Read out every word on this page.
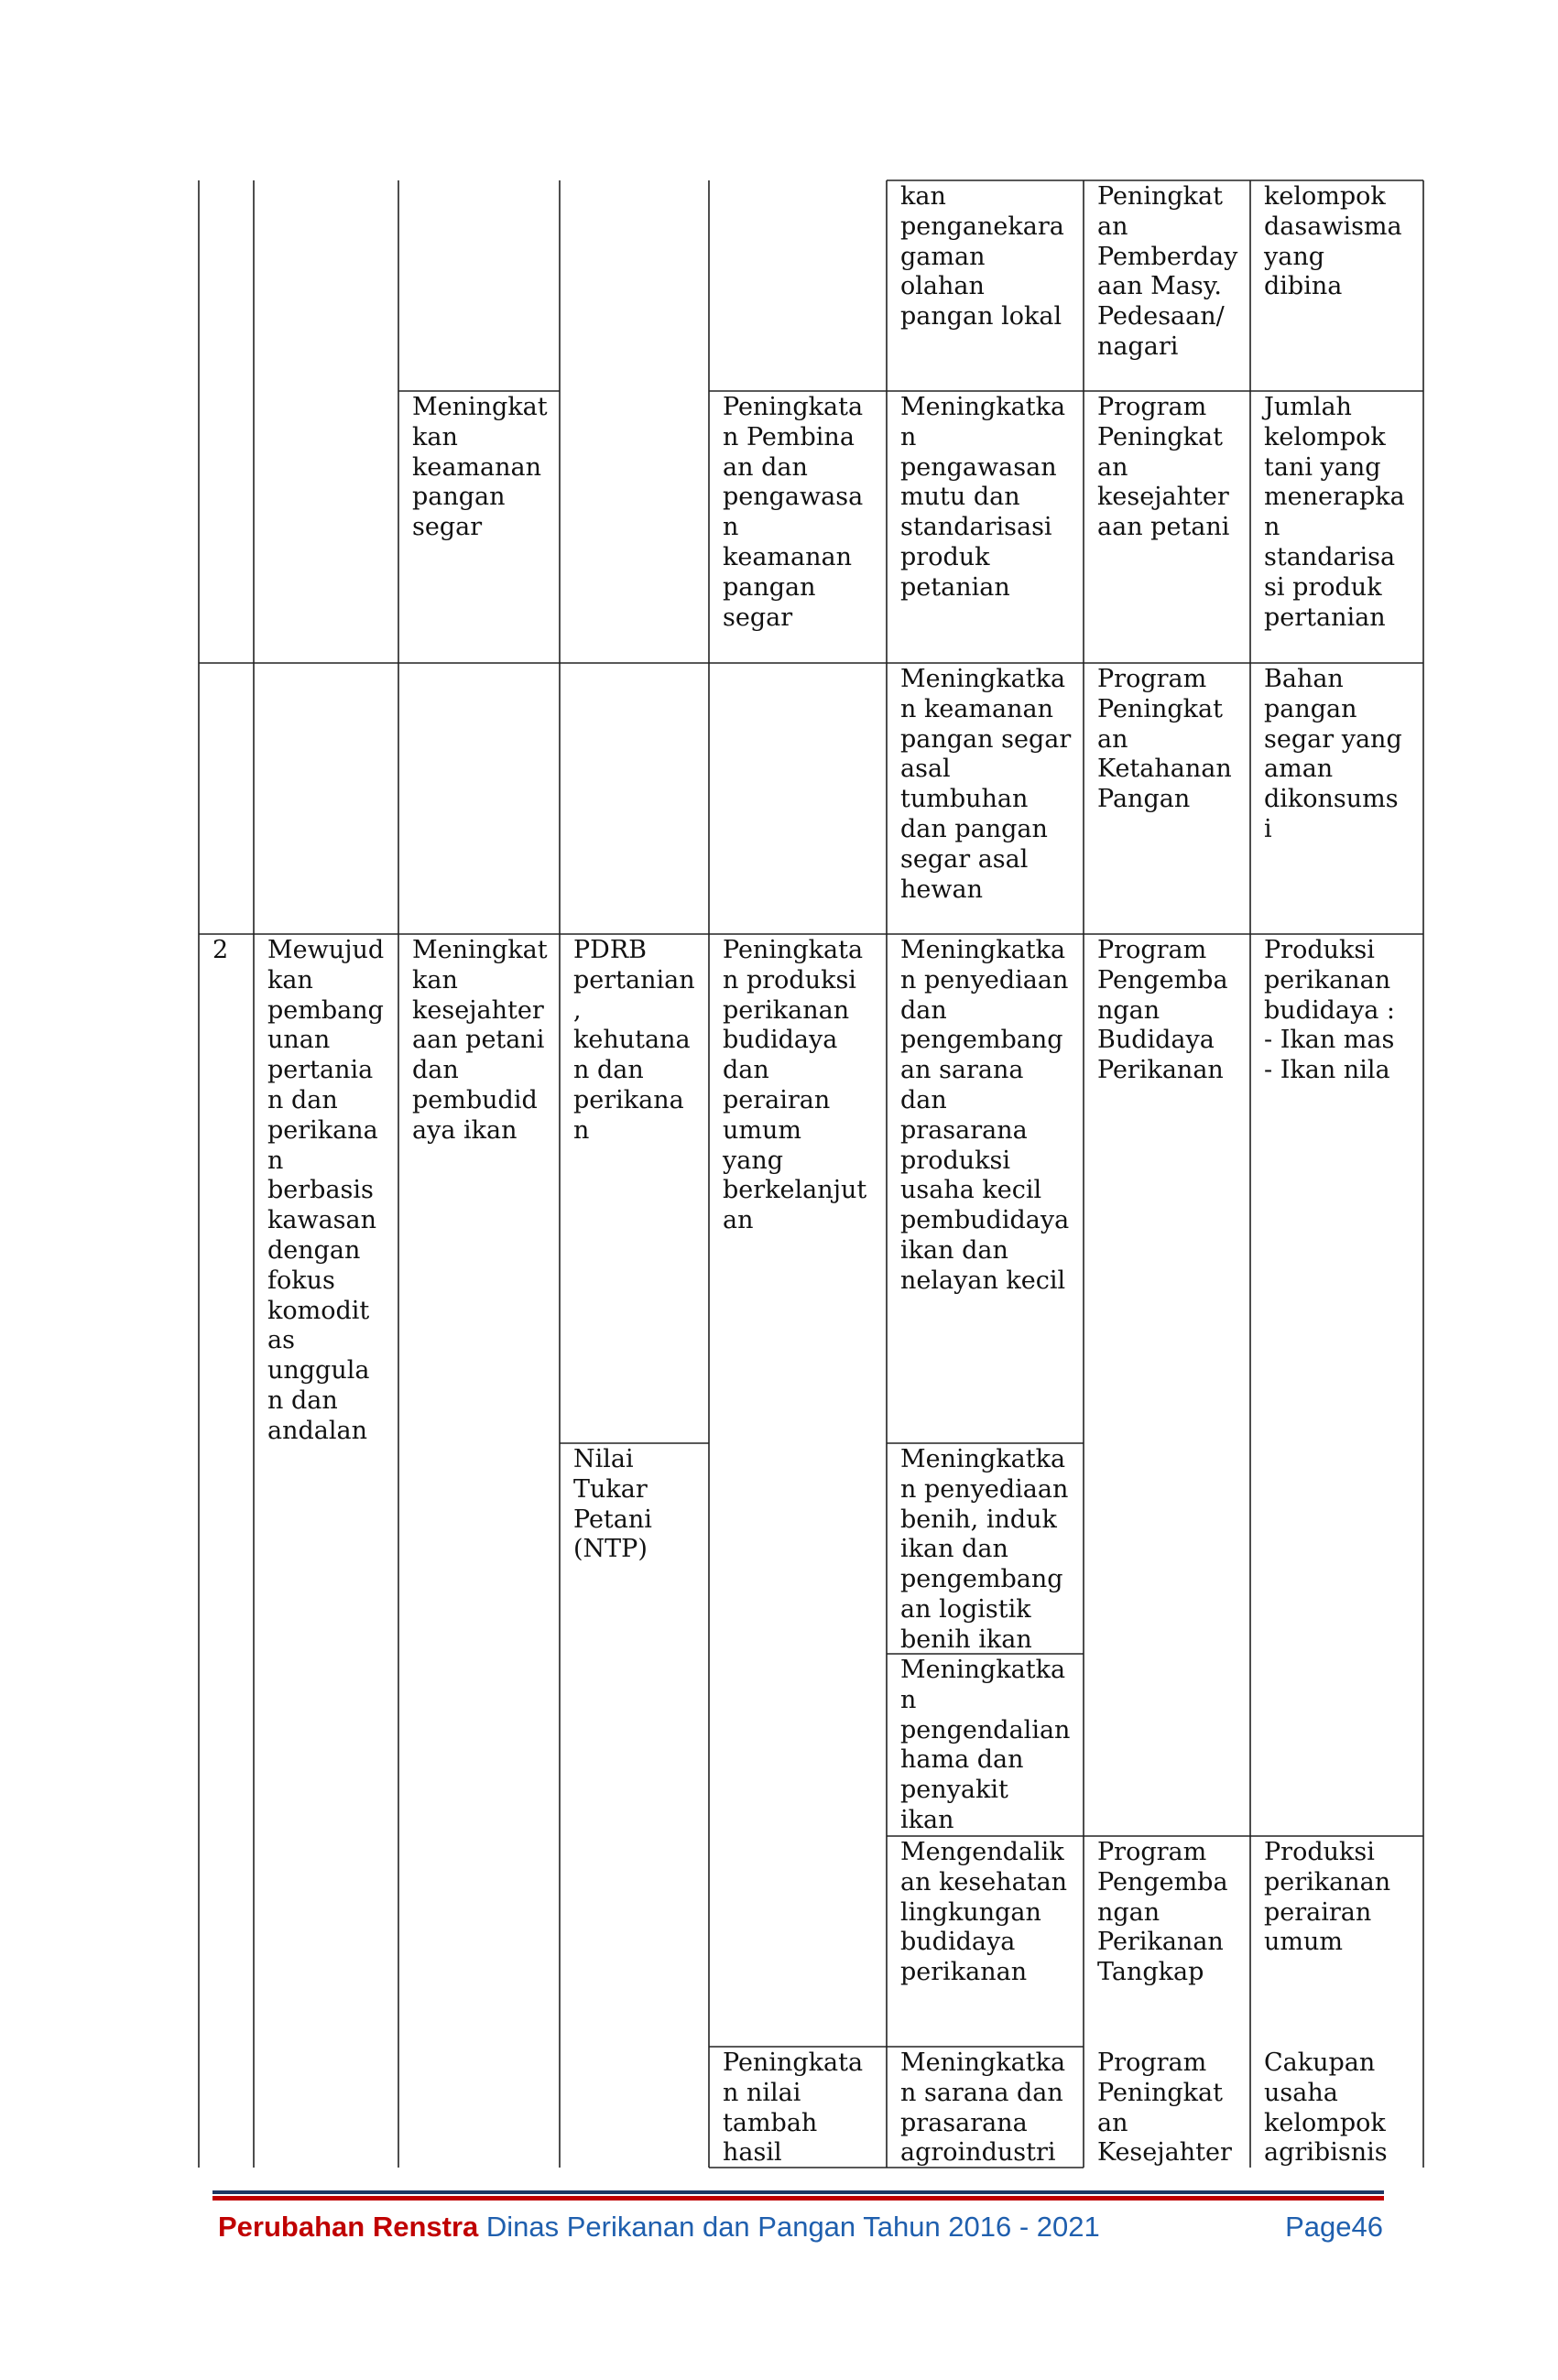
kan
penganekara
gaman
olahan
pangan lokal
Peningkat
an
Pemberday
aan Masy.
Pedesaan/
nagari
kelompok
dasawisma
yang
dibina
Meningkat
kan
keamanan
pangan
segar
Peningkata
n Pembina
an dan
pengawasa
n
keamanan
pangan
segar
Meningkatka
n
pengawasan
mutu dan
standarisasi
produk
petanian
Program
Peningkat
an
kesejahter
aan petani
Jumlah
kelompok
tani yang
menerapka
n
standarisa
si produk
pertanian
Meningkatka
n keamanan
pangan segar
asal
tumbuhan
dan pangan
segar asal
hewan
Program
Peningkat
an
Ketahanan
Pangan
Bahan
pangan
segar yang
aman
dikonsums
i
2 Mewujud
kan
pembang
unan
pertania
n dan
perikana
n
berbasis
kawasan
dengan
fokus
komodit
as
unggula
n dan
andalan
Meningkat
kan
kesejahter
aan petani
dan
pembudid
aya ikan
PDRB
pertanian
,
kehutana
n dan
perikana
n
Peningkata
n produksi
perikanan
budidaya
dan
perairan
umum
yang
berkelanjut
an
Meningkatka
n penyediaan
dan
pengembang
an sarana
dan
prasarana
produksi
usaha kecil
pembudidaya
ikan dan
nelayan kecil
Program
Pengemba
ngan
Budidaya
Perikanan
Produksi
perikanan
budidaya :
- Ikan mas
- Ikan nila
Nilai
Tukar
Petani
(NTP)
Meningkatka
n penyediaan
benih, induk
ikan dan
pengembang
an logistik
benih ikan
Meningkatka
n
pengendalian
hama dan
penyakit
ikan
Mengendalik
an kesehatan
lingkungan
budidaya
perikanan
Program
Pengemba
ngan
Perikanan
Tangkap
Produksi
perikanan
perairan
umum
Peningkata
n nilai
tambah
hasil
Meningkatka
n sarana dan
prasarana
agroindustri
Program
Peningkat
an
Kesejahter
Cakupan
usaha
kelompok
agribisnis
Perubahan Renstra Dinas Perikanan dan Pangan Tahun 2016 - 2021	Page46
